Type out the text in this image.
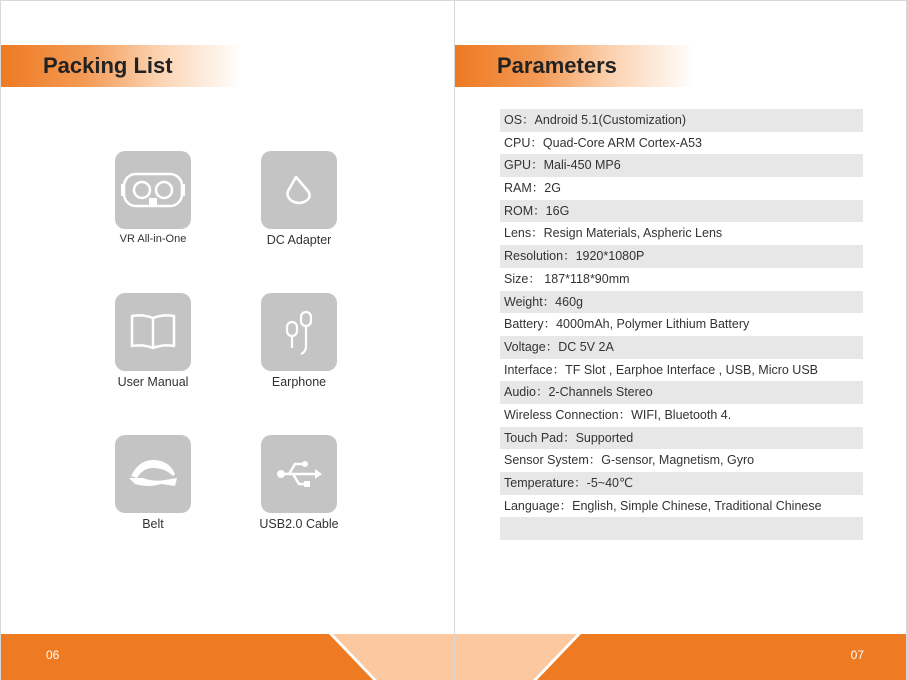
Packing List
VR All-in-One	DC Adapter
User Manual	Earphone
Belt	USB2.0 Cable
06
Parameters
OS：Android 5.1(Customization)
CPU：Quad-Core ARM Cortex-A53
GPU：Mali-450 MP6
RAM：2G
ROM：16G
Lens：Resign Materials, Aspheric Lens
Resolution：1920*1080P
Size： 187*118*90mm
Weight：460g
Battery：4000mAh, Polymer Lithium Battery
Voltage：DC 5V 2A
Interface：TF Slot , Earphoe Interface , USB, Micro USB
Audio：2-Channels Stereo
Wireless Connection：WIFI, Bluetooth 4.
Touch Pad：Supported
Sensor System：G-sensor, Magnetism, Gyro
Temperature：-5~40℃
Language：English, Simple Chinese, Traditional Chinese
07
